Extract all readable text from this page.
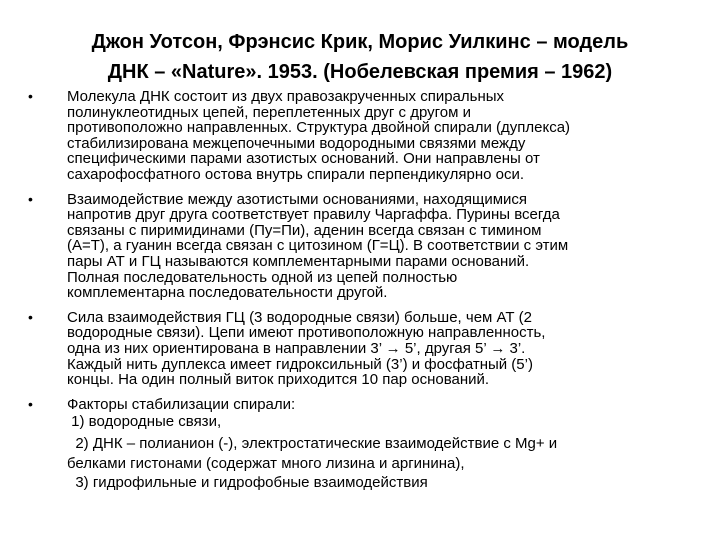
Джон Уотсон, Фрэнсис Крик, Морис Уилкинс – модель
ДНК – «Nature». 1953. (Нобелевская премия – 1962)
• Молекула ДНК состоит из двух правозакрученных спиральных
полинуклеотидных цепей, переплетенных друг с другом и
противоположно направленных. Структура двойной спирали (дуплекса)
стабилизирована межцепочечными водородными связями между
специфическими парами азотистых оснований. Они направлены от
сахарофосфатного остова внутрь спирали перпендикулярно оси.
• Взаимодействие между азотистыми основаниями, находящимися
напротив друг друга соответствует правилу Чаргаффа. Пурины всегда
связаны с пиримидинами (Пу=Пи), аденин всегда связан с тимином
(А=Т), а гуанин всегда связан с цитозином (Г=Ц). В соответствии с этим
пары АТ и ГЦ называются комплементарными парами оснований.
Полная последовательность одной из цепей полностью
комплементарна последовательности другой.
• Сила взаимодействия ГЦ (3 водородные связи) больше, чем АТ (2
водородные связи). Цепи имеют противоположную направленность,
одна из них ориентирована в направлении 3’ → 5’, другая 5’ → 3’.
Каждый нить дуплекса имеет гидроксильный (3’) и фосфатный (5’)
концы. На один полный виток приходится 10 пар оснований.
• Факторы стабилизации спирали:
1) водородные связи,
2) ДНК – полианион (-), электростатические взаимодействие с Mg+ и
белками гистонами (содержат много лизина и аргинина),
3) гидрофильные и гидрофобные взаимодействия
